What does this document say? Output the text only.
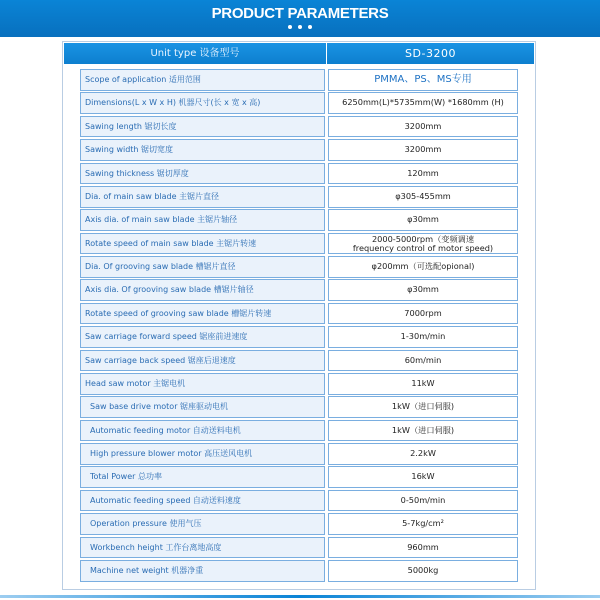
PRODUCT PARAMETERS

Unit type 设备型号	SD-3200
Scope of application 适用范围	PMMA、PS、MS专用
Dimensions(L x W x H) 机器尺寸(长 x 宽 x 高)	6250mm(L)*5735mm(W) *1680mm (H)
Sawing length 锯切长度	3200mm
Sawing width 锯切宽度	3200mm
Sawing thickness 锯切厚度	120mm
Dia. of main saw blade 主锯片直径	φ305-455mm
Axis dia. of main saw blade 主锯片轴径	φ30mm
Rotate speed of main saw blade 主锯片转速	2000-5000rpm（变频调速
frequency control of motor speed)
Dia. Of grooving saw blade 槽锯片直径	φ200mm（可选配opional)
Axis dia. Of grooving saw blade 槽锯片轴径	φ30mm
Rotate speed of grooving saw blade 槽锯片转速	7000rpm
Saw carriage forward speed 锯座前进速度	1-30m/min
Saw carriage back speed 锯座后退速度	60m/min
Head saw motor 主锯电机	11kW
Saw base drive motor 锯座驱动电机	1kW（进口伺服)
Automatic feeding motor 自动送料电机	1kW（进口伺服)
High pressure blower motor 高压送风电机	2.2kW
Total Power 总功率	16kW
Automatic feeding speed 自动送料速度	0-50m/min
Operation pressure 使用气压	5-7kg/cm²
Workbench height 工作台离地高度	960mm
Machine net weight 机器净重	5000kg
